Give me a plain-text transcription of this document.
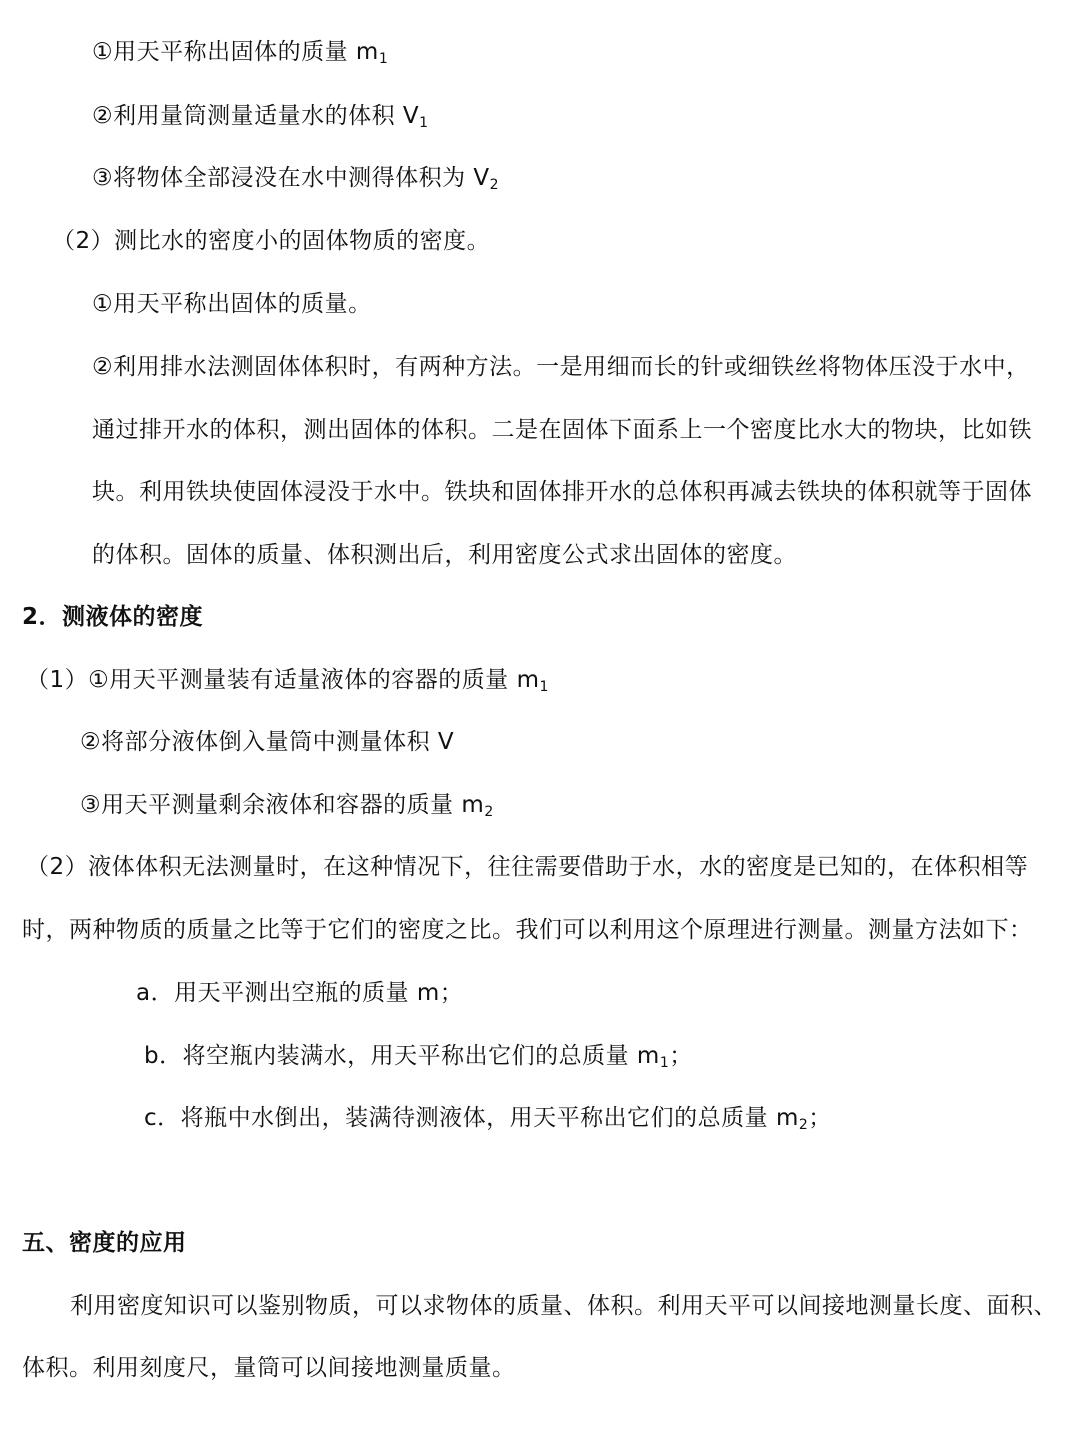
①用天平称出固体的质量 $m_1$
②利用量筒测量适量水的体积 $V_1$
③将物体全部浸没在水中测得体积为 $V_2$
（2）测比水的密度小的固体物质的密度。
①用天平称出固体的质量。
②利用排水法测固体体积时，有两种方法。一是用细而长的针或细铁丝将物体压没于水中，
通过排开水的体积，测出固体的体积。二是在固体下面系上一个密度比水大的物块，比如铁
块。利用铁块使固体浸没于水中。铁块和固体排开水的总体积再减去铁块的体积就等于固体
的体积。固体的质量、体积测出后，利用密度公式求出固体的密度。
2．测液体的密度
（1）①用天平测量装有适量液体的容器的质量 $m_1$
②将部分液体倒入量筒中测量体积 V
③用天平测量剩余液体和容器的质量 $m_2$
（2）液体体积无法测量时，在这种情况下，往往需要借助于水，水的密度是已知的，在体积相等
时，两种物质的质量之比等于它们的密度之比。我们可以利用这个原理进行测量。测量方法如下：
a．用天平测出空瓶的质量 m；
b．将空瓶内装满水，用天平称出它们的总质量 $m_1$；
c．将瓶中水倒出，装满待测液体，用天平称出它们的总质量 $m_2$；
五、密度的应用
利用密度知识可以鉴别物质，可以求物体的质量、体积。利用天平可以间接地测量长度、面积、
体积。利用刻度尺，量筒可以间接地测量质量。
